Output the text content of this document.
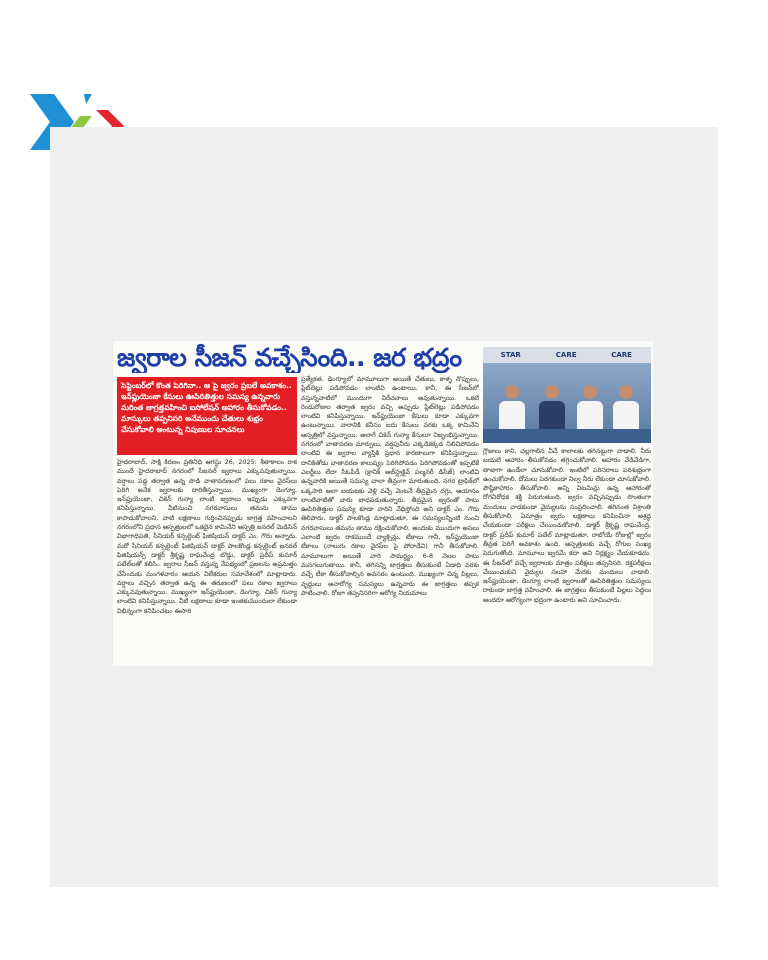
జ్వరాల సీజన్ వచ్చేసింది.. జర భద్రం	STAR	CARE	CARE
సెప్టెంబర్‌లో కొంత పెరిగినా.. ఆ పై జ్వరం ప్రబలే అవకాశం.. ఇన్‌ఫ్లుయెంజా కేసులు ఊపిరితిత్తుల సమస్య ఉన్నవారు మరింత జాగ్రత్తవహించి ఐసోలేషన్ ఆహారం తీసుకోవడం.. మాస్కులు తప్పనిసరి అనేముందు చేతులు శుభ్రం చేసుకోవాలి అంటున్న నిపుణుల సూచనలు
హైదరాబాద్, సాక్షి కిరణం ప్రతినిధి ఆగస్టు 26, 2025: శీతాకాలం రాక ముందే హైదరాబాద్ నగరంలో సీజనల్ జ్వరాలు ఎక్కువవుతున్నాయి. వర్షాలు పడ్డ తర్వాత ఉన్న పొడి వాతావరణంలో పలు రకాల వైరస్‌లు పెరిగి అనేక జ్వరాలకు దారితీస్తున్నాయి. ముఖ్యంగా డెంగ్యూ, ఇన్‌ఫ్లుయెంజా, చికెన్ గున్యా లాంటి జ్వరాలు ఇప్పుడు ఎక్కువగా కనిపిస్తున్నాయి. వీటినుంచి నగరవాసులు తమను తాము కాపాడుకోవాలని, వాటి లక్షణాలు గుర్తించినప్పుడు జాగ్రత్త వహించాలని నగరంలోని ప్రధాన ఆస్పత్రులలో ఒకటైన కామినేని ఆస్పత్రి జనరల్ మెడిసిన్ విభాగాధిపతి, సీనియర్ కన్సల్టెంట్ ఫిజిషియన్ డాక్టర్ ఎం. గౌరు అన్నారు. మరో సీనియర్ కన్సల్టెంట్ ఫిజిషియన్ డాక్టర్ పాలకొండ్ల కన్సల్టెంట్ జనరల్ ఫిజిషియన్స్ డాక్టర్ శ్రీకృష్ణ రాఘవేంద్ర బొడ్డు, డాక్టర్ ప్రదీప్ కుమార్ పటేల్‌లతో కలిసి.. జ్వరాల సీజన్ వస్తున్న నేపథ్యంలో ప్రజలను అప్రమత్తం చేసేందుకు మంగళవారం ఆయన విలేకరుల సమావేశంలో మాట్లాడారు. వర్షాలు వచ్చిన తర్వాత ఉన్న ఈ తరుణంలో పలు రకాల జ్వరాలు ఎక్కువవుతున్నాయి. ముఖ్యంగా ఇన్‌ఫ్లుయెంజా, డెంగ్యూ, చికెన్ గున్యా లాంటివి కనిపిస్తున్నాయి. వీటి లక్షణాలు కూడా ఇంతకుముందులా లేకుండా విభిన్నంగా కనిపించటం ఈసారి
ప్రత్యేకత. డెంగ్యూలో మామూలుగా అయితే చేతులు, కాళ్ళ నొప్పులు, ప్లేట్‌లెట్లు పడిపోవడం లాంటివి ఉంటాయి. కానీ, ఈ సీజన్‌లో వస్తున్నవాటిలో ముందుగా విరేచనాలు అవుతున్నాయి. ఒకటి రెండురోజుల తర్వాత జ్వరం వచ్చి అప్పుడు ప్లేట్‌లెట్లు పడిపోవడం లాంటివి కనిపిస్తున్నాయి. ఇన్‌ఫ్లుయెంజా కేసులు కూడా ఎక్కువగా ఉంటున్నాయి. వారానికి కనీసం ఐదు కేసులు వరకు ఒక్క కామినేని ఆస్పత్రిలో వస్తున్నాయి. అలాగే చికెన్ గున్యా కేసులూ విజృంభిస్తున్నాయి. నగరంలో వాతావరణ మార్పులు, వర్షపునీరు ఎక్కడికక్కడ నిలిచిపోవడం లాంటివి ఈ జ్వరాల వ్యాప్తికి ప్రధాన కారణాలుగా కనిపిస్తున్నాయి. దానికితోడు వాతావరణ కాలుష్యం పెరిగిపోవడం పెరిగిపోవడంతో ఇప్పటికే ఎలర్జీలు లేదా సీఓపీడీ (క్రానిక్ అబ్‌స్ట్రక్టివ్ పల్మనరీ డిసీజ్) లాంటివి ఉన్నవారికి అయితే సమస్య చాలా తీవ్రంగా మారుతుంది. నగర ట్రాఫిక్‌లో ఒక్కసారి అలా బయటకు వెళ్లి వచ్చే వెంటనే తీవ్రమైన దగ్గు, ఆయాసం లాంటివాటితో వారు బాధపడుతున్నారు. తీవ్రమైన జ్వరంతో పాటు ఊపిరితిత్తుల సమస్య కూడా వారిని వేధిస్తోంది అని డాక్టర్ ఎం. గౌరు తెలిపారు. డాక్టర్ పాలకొండ్ల మాట్లాడుతూ, ఈ సమస్యలన్నింటి నుంచి నగరవాసులు తమను తాము రక్షించుకోవాలి. అందుకు ముందుగా అసలు ఎలాంటి జ్వరం రాకముందే వ్యాక్సిన్లు, టీకాలు గానీ, ఇన్‌ఫ్లుయెంజా టీకాలు (నాలుగు రకాల వైరస్‌ల పై పోరాడేవి) గానీ తీసుకోవాలి. మామూలుగా అయితే వారి సామర్థ్యం 6-8 నెలల పాటు మనగలుగుతాయి. కానీ, తగినన్ని జాగ్రత్తలు తీసుకుంటే ఏడాది వరకు వచ్చే టీకా తీసుకోవాల్సిన అవసరం ఉంటుంది. ముఖ్యంగా చిన్న పిల్లలు, వృద్ధులు అనారోగ్య సమస్యలు ఉన్నవారు ఈ జాగ్రత్తలు తప్పక పాటించాలి. రోజూ తప్పనిసరిగా ఆరోగ్య నియమాలు
గ్లౌజులు కాని, చల్లగాలిన వీచే కాలాలకు తగినట్టుగా వాడాలి. నీరు బయటి ఆహారం తీసుకోవడం తగ్గించుకోవాలి. ఆహారం వేడివేడిగా, తాజాగా ఉండేలా చూసుకోవాలి. ఇంటిలో పరిసరాలు పరిశుభ్రంగా ఉంచుకోవాలి. దోమలు పెరగకుండా నిల్వ నీరు లేకుండా చూసుకోవాలి. పౌష్టికాహారం తీసుకోవాలి. అన్ని విటమిన్లు ఉన్న ఆహారంతో రోగనిరోధక శక్తి పెరుగుతుంది. జ్వరం వచ్చినప్పుడు సొంతంగా మందులు వాడకుండా వైద్యులను సంప్రదించాలి. తగినంత విశ్రాంతి తీసుకోవాలి. ఏమాత్రం జ్వరం లక్షణాలు కనిపించినా అశ్రద్ధ చేయకుండా పరీక్షలు చేయించుకోవాలి. డాక్టర్ శ్రీకృష్ణ రాఘవేంద్ర, డాక్టర్ ప్రదీప్ కుమార్ పటేల్ మాట్లాడుతూ, రాబోయే రోజుల్లో జ్వరం తీవ్రత పెరిగే అవకాశం ఉంది. ఆస్పత్రులకు వచ్చే రోగుల సంఖ్య పెరుగుతోంది. మామూలు జ్వరమే కదా అని నిర్లక్ష్యం చేయకూడదు. ఈ సీజన్‌లో వచ్చే జ్వరాలకు మాత్రం పరీక్షలు తప్పనిసరి. రక్తపరీక్షలు చేయించుకుని వైద్యుల సలహా మేరకు మందులు వాడాలి. ఇన్‌ఫ్లుయెంజా, డెంగ్యూ లాంటి జ్వరాలతో ఊపిరితిత్తుల సమస్యలు రాకుండా జాగ్రత్త వహించాలి. ఈ జాగ్రత్తలు తీసుకుంటే పిల్లలు పెద్దలు అందరూ ఆరోగ్యంగా భద్రంగా ఉంటారు అని సూచించారు.
